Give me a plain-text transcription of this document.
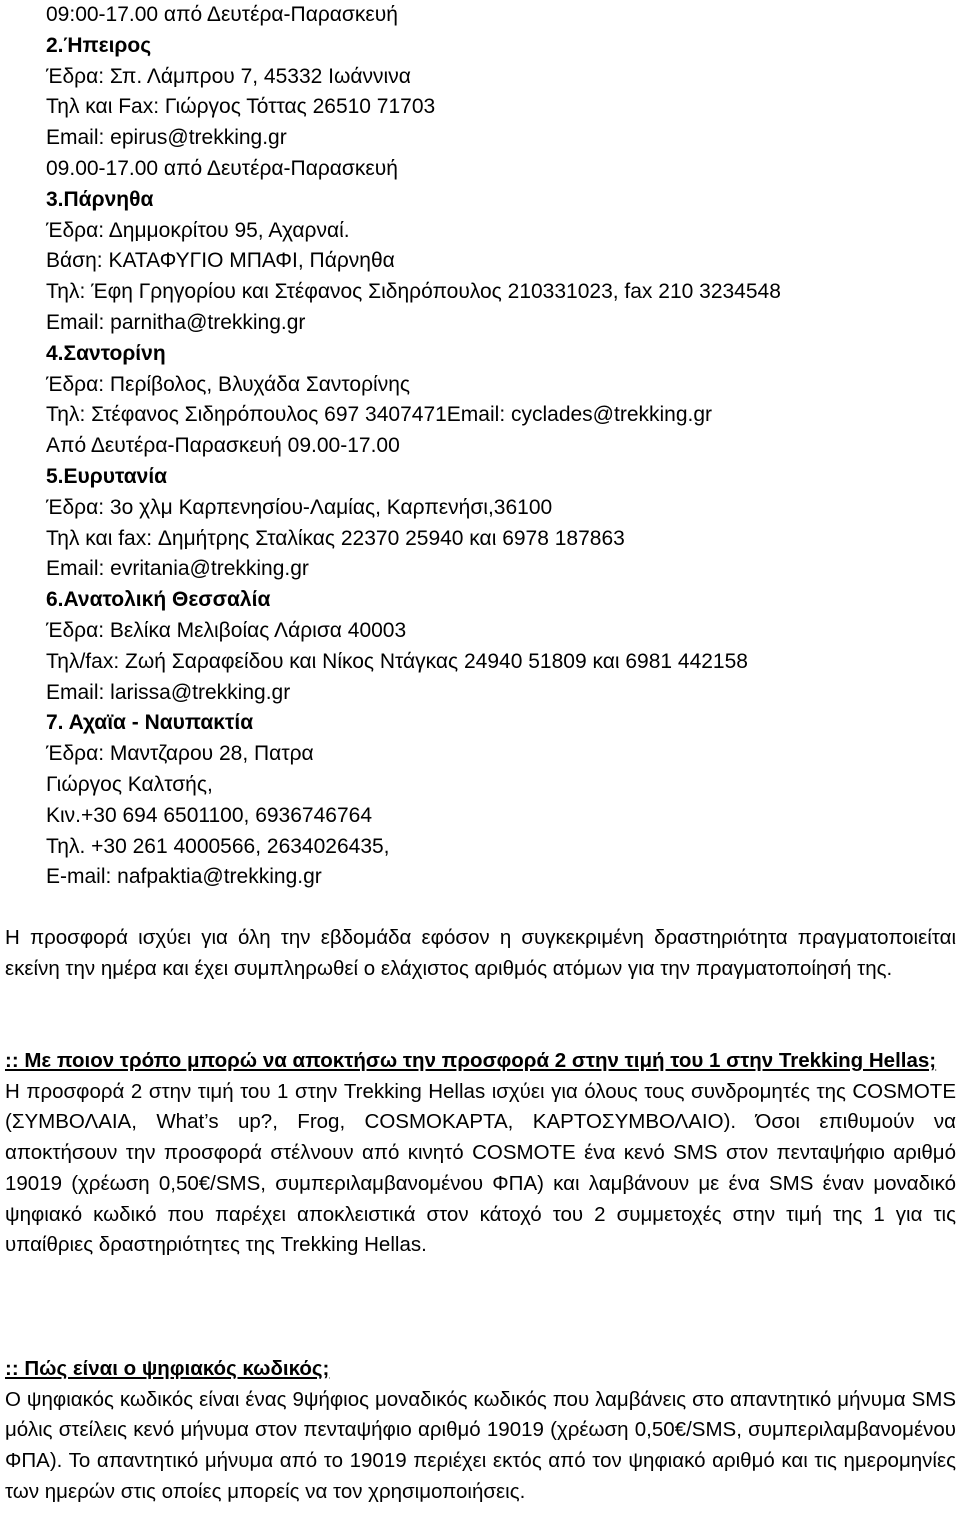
09:00-17.00 από Δευτέρα-Παρασκευή
2.Ήπειρος
Έδρα: Σπ. Λάμπρου 7, 45332 Ιωάννινα
Τηλ και Fax: Γιώργος Τόττας 26510 71703
Email: epirus@trekking.gr
09.00-17.00 από Δευτέρα-Παρασκευή
3.Πάρνηθα
Έδρα: Δημμοκρίτου 95, Αχαρναί.
Βάση: ΚΑΤΑΦΥΓΙΟ ΜΠΑΦΙ, Πάρνηθα
Τηλ: Έφη Γρηγορίου και Στέφανος Σιδηρόπουλος 210331023, fax 210 3234548
Email: parnitha@trekking.gr
4.Σαντορίνη
Έδρα: Περίβολος, Βλυχάδα Σαντορίνης
Τηλ: Στέφανος Σιδηρόπουλος 697 3407471Email: cyclades@trekking.gr
Από Δευτέρα-Παρασκευή 09.00-17.00
5.Ευρυτανία
Έδρα: 3ο χλμ Καρπενησίου-Λαμίας, Καρπενήσι,36100
Τηλ και fax: Δημήτρης Σταλίκας 22370 25940 και 6978 187863
Email: evritania@trekking.gr
6.Ανατολική Θεσσαλία
Έδρα: Βελίκα Μελιβοίας Λάρισα 40003
Τηλ/fax: Ζωή Σαραφείδου και Νίκος Ντάγκας 24940 51809 και 6981 442158
Email: larissa@trekking.gr
7. Αχαϊα - Ναυπακτία
Έδρα: Μαντζαρου 28, Πατρα
Γιώργος Καλτσής,
Κιν.+30 694 6501100, 6936746764
Τηλ. +30 261 4000566, 2634026435,
E-mail: nafpaktia@trekking.gr

Η προσφορά ισχύει για όλη την εβδομάδα εφόσον η συγκεκριμένη δραστηριότητα πραγματοποιείται εκείνη την ημέρα και έχει συμπληρωθεί ο ελάχιστος αριθμός ατόμων για την πραγματοποίησή της.

:: Με ποιον τρόπο μπορώ να αποκτήσω την προσφορά 2 στην τιμή του 1 στην Trekking Hellas;

Η προσφορά 2 στην τιμή του 1 στην Trekking Hellas ισχύει για όλους τους συνδρομητές της COSMOTE (ΣΥΜΒΟΛΑΙΑ, What’s up?, Frog, COSMOΚΑΡΤΑ, ΚΑΡΤΟΣΥΜΒΟΛΑΙΟ). Όσοι επιθυμούν να αποκτήσουν την προσφορά στέλνουν από κινητό COSMOTE ένα κενό SMS στον πενταψήφιο αριθμό 19019 (χρέωση 0,50€/SMS, συμπεριλαμβανομένου ΦΠΑ) και λαμβάνουν με ένα SMS έναν μοναδικό ψηφιακό κωδικό που παρέχει αποκλειστικά στον κάτοχό του 2 συμμετοχές στην τιμή της 1 για τις υπαίθριες δραστηριότητες της Trekking Hellas.

:: Πώς είναι ο ψηφιακός κωδικός;

Ο ψηφιακός κωδικός είναι ένας 9ψήφιος μοναδικός κωδικός που λαμβάνεις στο απαντητικό μήνυμα SMS μόλις στείλεις κενό μήνυμα στον πενταψήφιο αριθμό 19019 (χρέωση 0,50€/SMS, συμπεριλαμβανομένου ΦΠΑ). Το απαντητικό μήνυμα από το 19019 περιέχει εκτός από τον ψηφιακό αριθμό και τις ημερομηνίες των ημερών στις οποίες μπορείς να τον χρησιμοποιήσεις.
